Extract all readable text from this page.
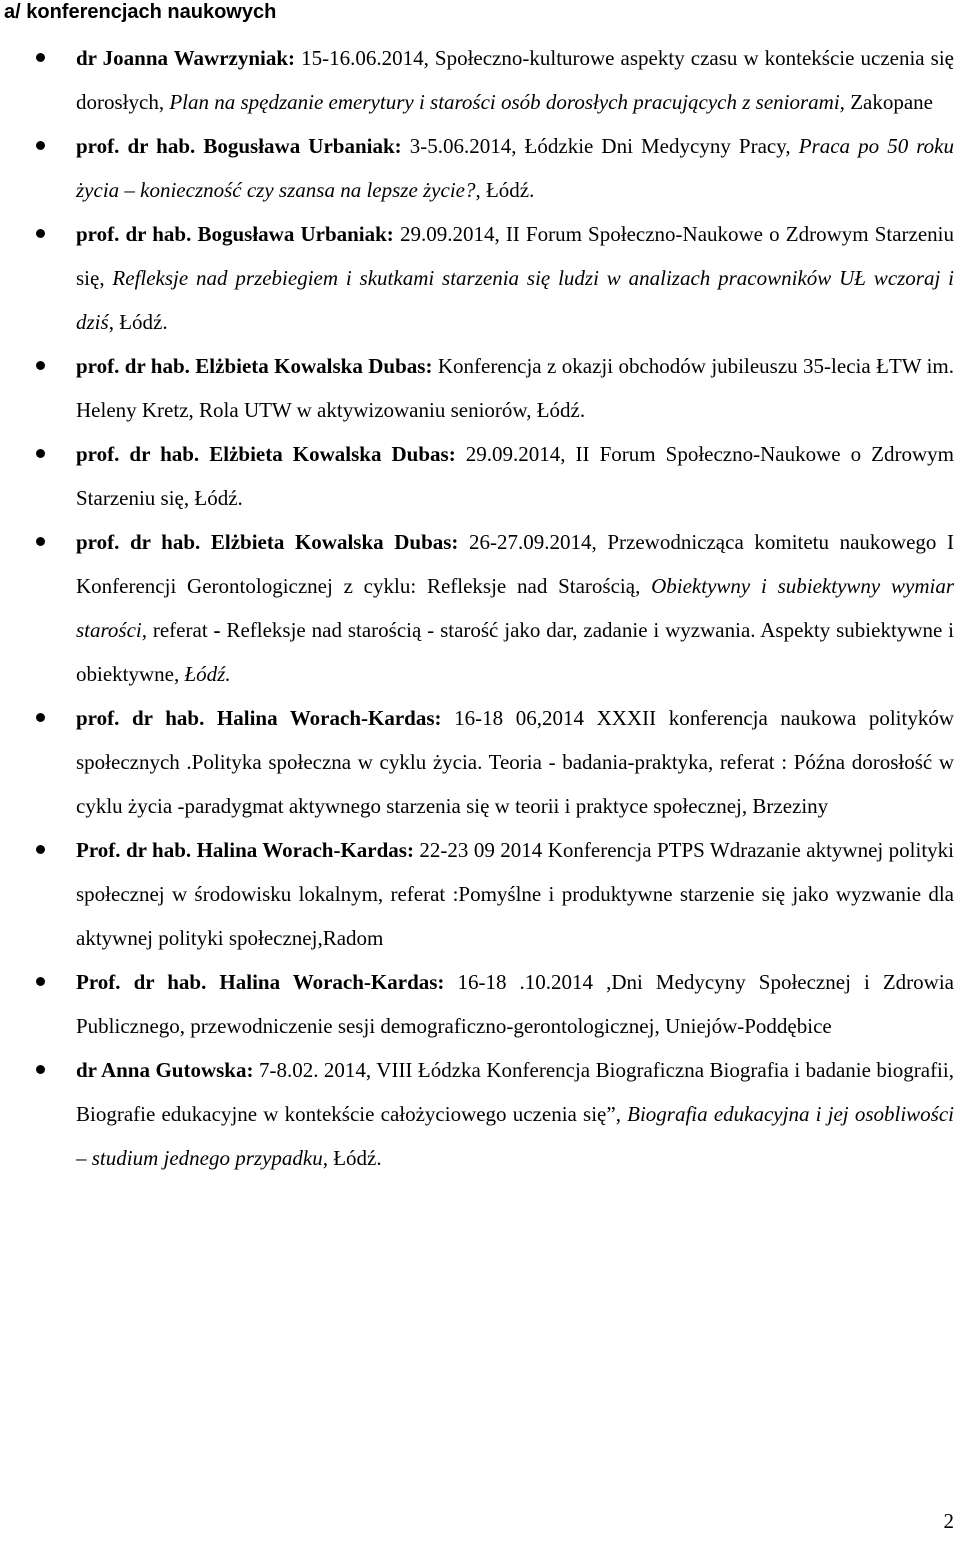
a/ konferencjach naukowych
dr Joanna Wawrzyniak: 15-16.06.2014, Społeczno-kulturowe aspekty czasu w kontekście uczenia się dorosłych, Plan na spędzanie emerytury i starości osób dorosłych pracujących z seniorami, Zakopane
prof. dr hab. Bogusława Urbaniak: 3-5.06.2014, Łódzkie Dni Medycyny Pracy, Praca po 50 roku życia – konieczność czy szansa na lepsze życie?, Łódź.
prof. dr hab. Bogusława Urbaniak: 29.09.2014, II Forum Społeczno-Naukowe o Zdrowym Starzeniu się, Refleksje nad przebiegiem i skutkami starzenia się ludzi w analizach pracowników UŁ wczoraj i dziś, Łódź.
prof. dr hab. Elżbieta Kowalska Dubas: Konferencja z okazji obchodów jubileuszu 35-lecia ŁTW im. Heleny Kretz, Rola UTW w aktywizowaniu seniorów, Łódź.
prof. dr hab. Elżbieta Kowalska Dubas: 29.09.2014, II Forum Społeczno-Naukowe o Zdrowym Starzeniu się, Łódź.
prof. dr hab. Elżbieta Kowalska Dubas: 26-27.09.2014, Przewodnicząca komitetu naukowego I Konferencji Gerontologicznej z cyklu: Refleksje nad Starością, Obiektywny i subiektywny wymiar starości, referat - Refleksje nad starością - starość jako dar, zadanie i wyzwania. Aspekty subiektywne i obiektywne, Łódź.
prof. dr hab. Halina Worach-Kardas: 16-18 06,2014 XXXII konferencja naukowa polityków społecznych .Polityka społeczna w cyklu życia. Teoria - badania-praktyka, referat : Późna dorosłość w cyklu życia -paradygmat aktywnego starzenia się w teorii i praktyce społecznej, Brzeziny
Prof. dr hab. Halina Worach-Kardas: 22-23 09 2014 Konferencja PTPS Wdrazanie aktywnej polityki społecznej w środowisku lokalnym, referat :Pomyślne i produktywne starzenie się jako wyzwanie dla aktywnej polityki społecznej,Radom
Prof. dr hab. Halina Worach-Kardas: 16-18 .10.2014 ,Dni Medycyny Społecznej i Zdrowia Publicznego, przewodniczenie sesji demograficzno-gerontologicznej, Uniejów-Poddębice
dr Anna Gutowska: 7-8.02. 2014, VIII Łódzka Konferencja Biograficzna Biografia i badanie biografii, Biografie edukacyjne w kontekście całożyciowego uczenia się”, Biografia edukacyjna i jej osobliwości – studium jednego przypadku, Łódź.
2
